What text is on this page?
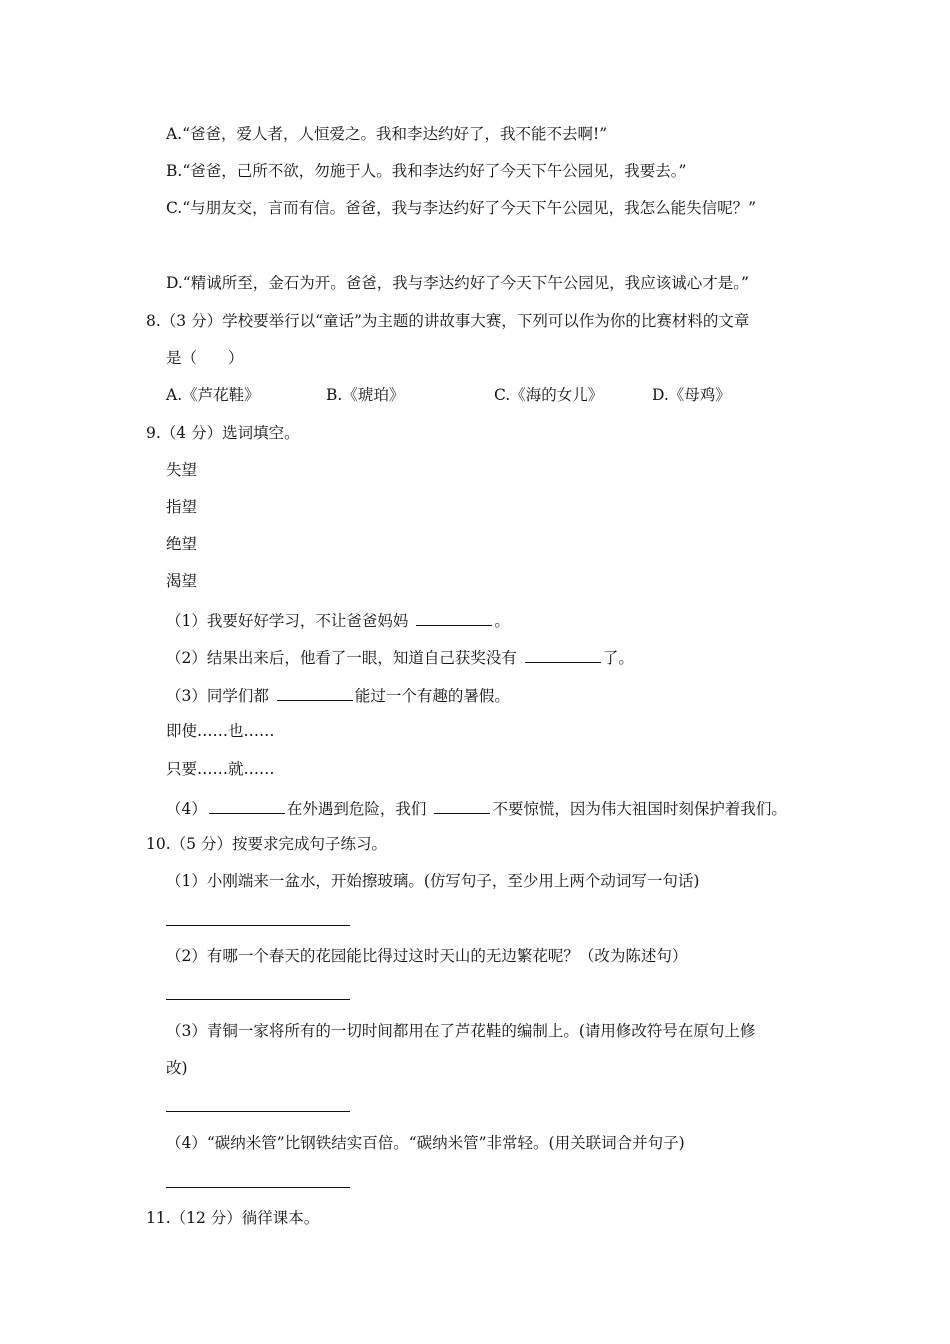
A.“爸爸，爱人者，人恒爱之。我和李达约好了，我不能不去啊!”
B.“爸爸，己所不欲，勿施于人。我和李达约好了今天下午公园见，我要去。”
C.“与朋友交，言而有信。爸爸，我与李达约好了今天下午公园见，我怎么能失信呢？”
D.“精诚所至，金石为开。爸爸，我与李达约好了今天下午公园见，我应该诚心才是。”
8.（3 分）学校要举行以“童话”为主题的讲故事大赛，下列可以作为你的比赛材料的文章
是（　　）
A.《芦花鞋》	B.《琥珀》	C.《海的女儿》	D.《母鸡》
9.（4 分）选词填空。
失望
指望
绝望
渴望
（1）我要好好学习，不让爸爸妈妈	。
（2）结果出来后，他看了一眼，知道自己获奖没有	了。
（3）同学们都	能过一个有趣的暑假。
即使……也……
只要……就……
（4）	在外遇到危险，我们	不要惊慌，因为伟大祖国时刻保护着我们。
10.（5 分）按要求完成句子练习。
（1）小刚端来一盆水，开始擦玻璃。(仿写句子，至少用上两个动词写一句话)
（2）有哪一个春天的花园能比得过这时天山的无边繁花呢？（改为陈述句）
（3）青铜一家将所有的一切时间都用在了芦花鞋的编制上。(请用修改符号在原句上修
改)
（4）“碳纳米管”比钢铁结实百倍。“碳纳米管”非常轻。(用关联词合并句子)
11.（12 分）徜徉课本。
